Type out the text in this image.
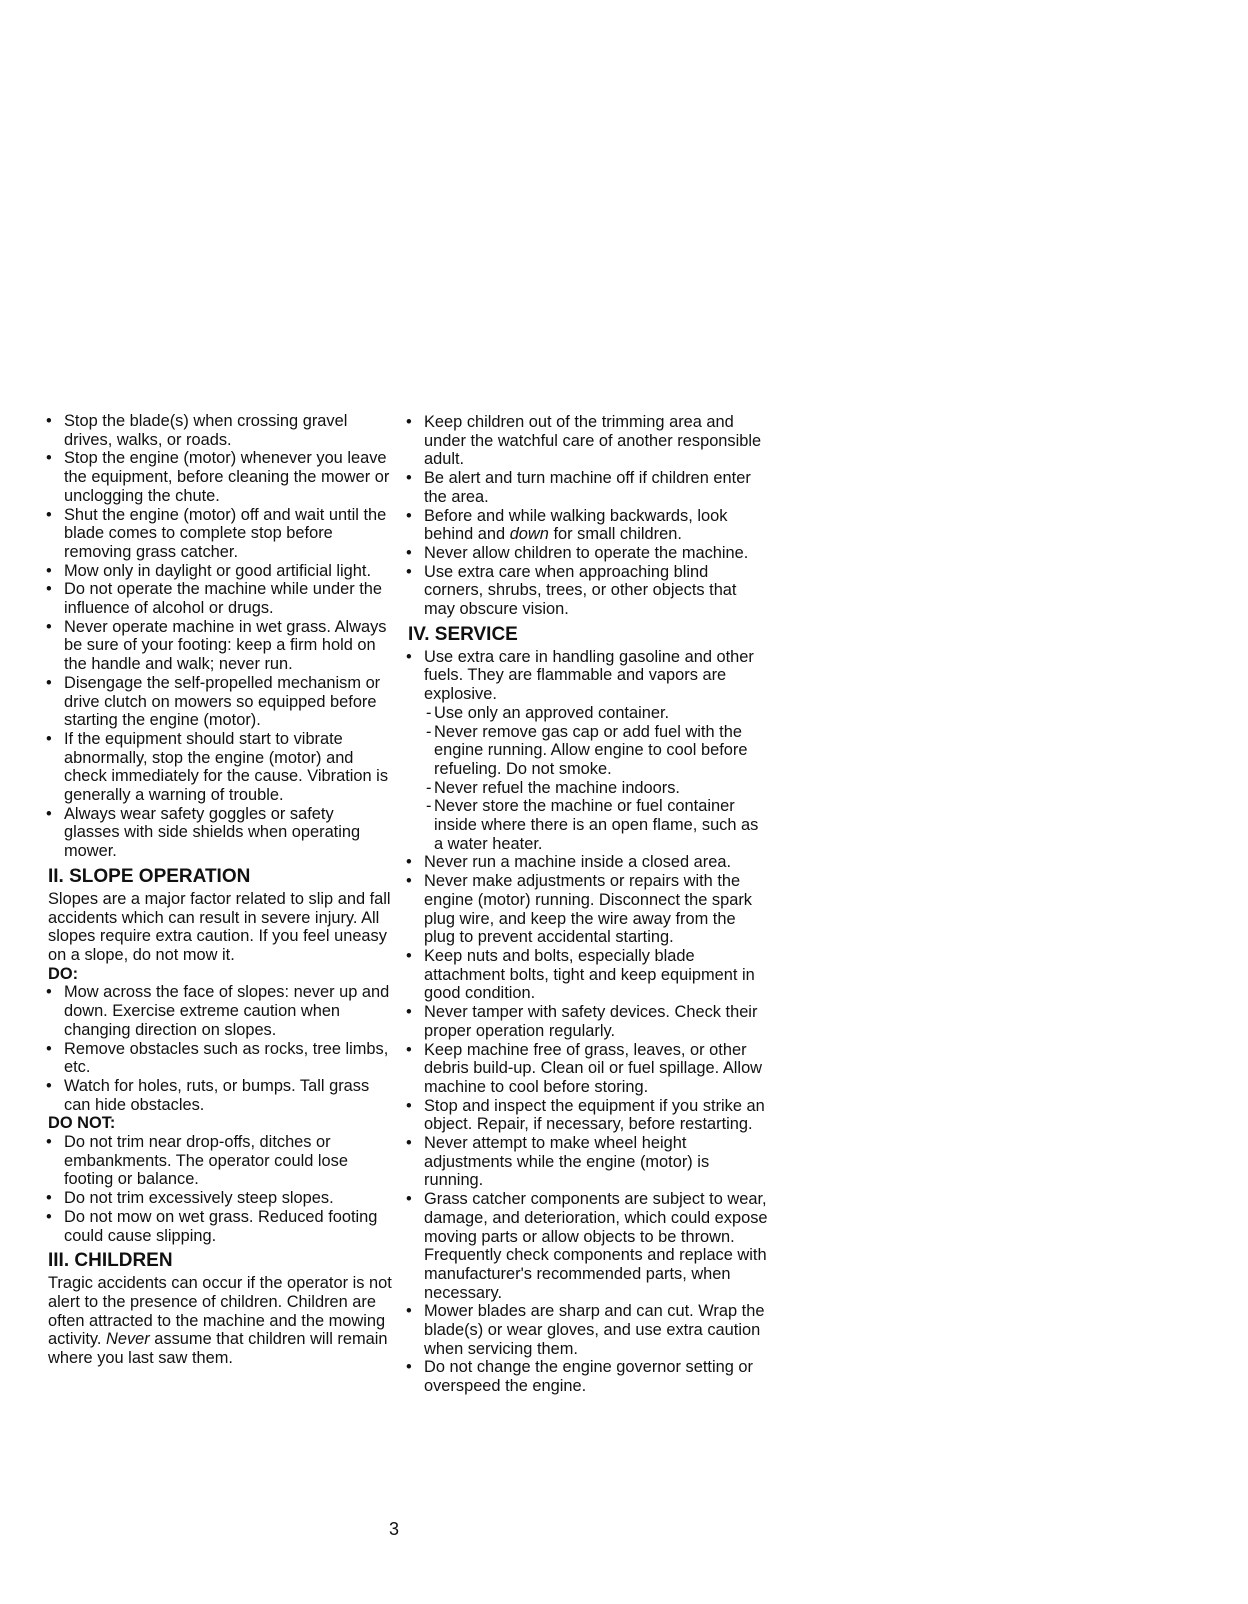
• Stop the blade(s) when crossing gravel drives, walks, or roads.
• Stop the engine (motor) whenever you leave the equipment, before cleaning the mower or unclogging the chute.
• Shut the engine (motor) off and wait until the blade comes to complete stop before removing grass catcher.
• Mow only in daylight or good artificial light.
• Do not operate the machine while under the influence of alcohol or drugs.
• Never operate machine in wet grass. Always be sure of your footing: keep a firm hold on the handle and walk; never run.
• Disengage the self-propelled mechanism or drive clutch on mowers so equipped before starting the engine (motor).
• If the equipment should start to vibrate abnormally, stop the engine (motor) and check immediately for the cause. Vibration is generally a warning of trouble.
• Always wear safety goggles or safety glasses with side shields when operating mower.
II. SLOPE OPERATION

Slopes are a major factor related to slip and fall accidents which can result in severe injury. All slopes require extra caution. If you feel uneasy on a slope, do not mow it.

DO:
• Mow across the face of slopes: never up and down. Exercise extreme caution when changing direction on slopes.
• Remove obstacles such as rocks, tree limbs, etc.
• Watch for holes, ruts, or bumps. Tall grass can hide obstacles.
DO NOT:
• Do not trim near drop-offs, ditches or embankments. The operator could lose footing or balance.
• Do not trim excessively steep slopes.
• Do not mow on wet grass. Reduced footing could cause slipping.
III. CHILDREN

Tragic accidents can occur if the operator is not alert to the presence of children. Children are often attracted to the machine and the mowing activity. Never assume that children will remain where you last saw them.

• Keep children out of the trimming area and under the watchful care of another responsible adult.
• Be alert and turn machine off if children enter the area.
• Before and while walking backwards, look behind and down for small children.
• Never allow children to operate the machine.
• Use extra care when approaching blind corners, shrubs, trees, or other objects that may obscure vision.
IV. SERVICE
• Use extra care in handling gasoline and other fuels. They are flammable and vapors are explosive.
- Use only an approved container.
- Never remove gas cap or add fuel with the engine running. Allow engine to cool before refueling. Do not smoke.
- Never refuel the machine indoors.
- Never store the machine or fuel container inside where there is an open flame, such as a water heater.
• Never run a machine inside a closed area.
• Never make adjustments or repairs with the engine (motor) running. Disconnect the spark plug wire, and keep the wire away from the plug to prevent accidental starting.
• Keep nuts and bolts, especially blade attachment bolts, tight and keep equipment in good condition.
• Never tamper with safety devices. Check their proper operation regularly.
• Keep machine free of grass, leaves, or other debris build-up. Clean oil or fuel spillage. Allow machine to cool before storing.
• Stop and inspect the equipment if you strike an object. Repair, if necessary, before restarting.
• Never attempt to make wheel height adjustments while the engine (motor) is running.
• Grass catcher components are subject to wear, damage, and deterioration, which could expose moving parts or allow objects to be thrown. Frequently check components and replace with manufacturer's recommended parts, when necessary.
• Mower blades are sharp and can cut. Wrap the blade(s) or wear gloves, and use extra caution when servicing them.
• Do not change the engine governor setting or overspeed the engine.
3
